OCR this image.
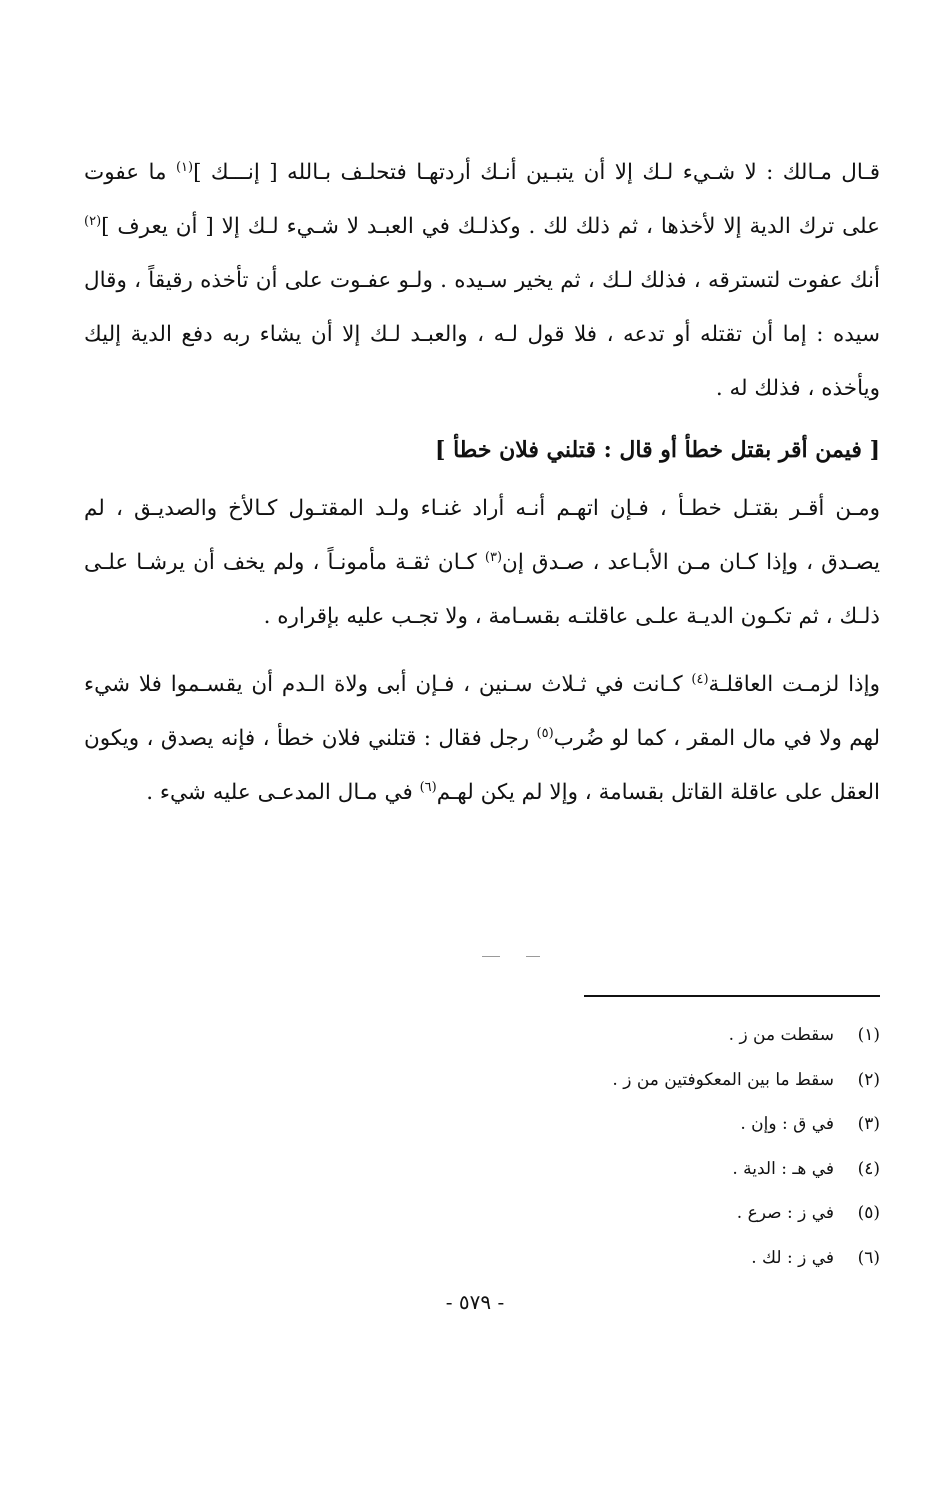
قـال مـالك : لا شـيء لـك إلا أن يتبـين أنـك أردتهـا فتحلـف بـالله [ إنـــك ]$^{(١)}$ ما عفوت على ترك الدية إلا لأخذها ، ثم ذلك لك . وكذلـك في العبـد لا شـيء لـك إلا [ أن يعرف ]$^{(٢)}$ أنك عفوت لتسترقه ، فذلك لـك ، ثم يخير سـيده . ولـو عفـوت على أن تأخذه رقيقاً ، وقال سيده : إما أن تقتله أو تدعه ، فلا قول لـه ، والعبـد لـك إلا أن يشاء ربه دفع الدية إليك ويأخذه ، فذلك له .

[ فيمن أقر بقتل خطأ أو قال : قتلني فلان خطأ ]

ومـن أقـر بقتـل خطـأ ، فـإن اتهـم أنـه أراد غنـاء ولـد المقتـول كـالأخ والصديـق ، لم يصـدق ، وإذا كـان مـن الأبـاعد ، صـدق إن$^{(٣)}$ كـان ثقـة مأمونـاً ، ولم يخف أن يرشـا علـى ذلـك ، ثم تكـون الديـة علـى عاقلتـه بقسـامة ، ولا تجـب عليه بإقراره .

وإذا لزمـت العاقلـة$^{(٤)}$ كـانت في ثـلاث سـنين ، فـإن أبى ولاة الـدم أن يقسـموا فلا شيء لهم ولا في مال المقر ، كما لو ضُرب$^{(٥)}$ رجل فقال : قتلني فلان خطأ ، فإنه يصدق ، ويكون العقل على عاقلة القاتل بقسامة ، وإلا لم يكن لهـم$^{(٦)}$ في مـال المدعـى عليه شيء .

(١)سقطت من ز .
(٢)سقط ما بين المعكوفتين من ز .
(٣)في ق : وإن .
(٤)في هـ : الدية .
(٥)في ز : صرع .
(٦)في ز : لك .
- ٥٧٩ -
